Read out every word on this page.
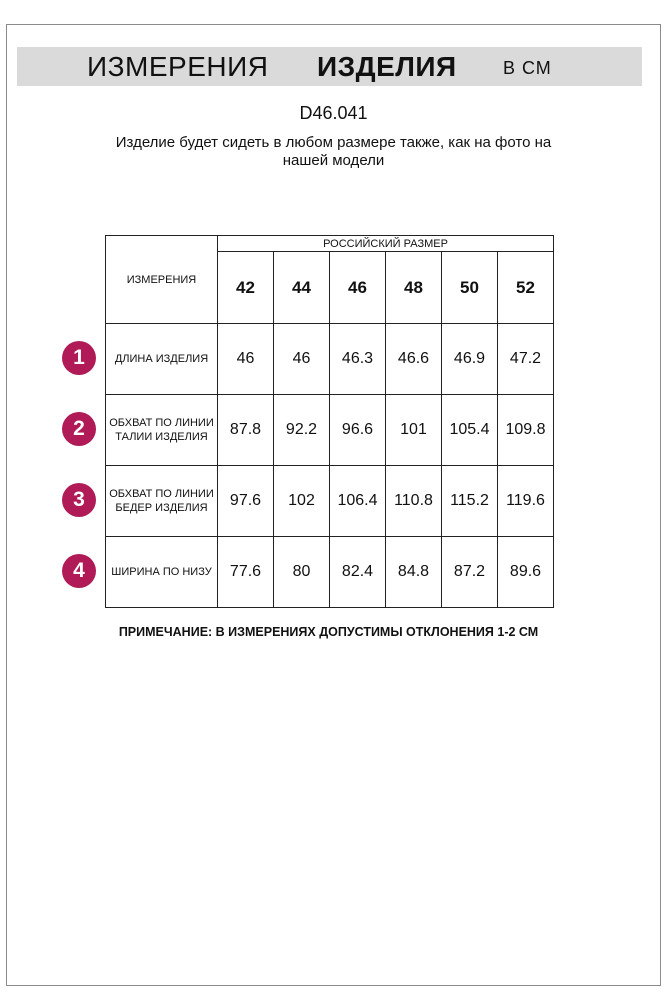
ИЗМЕРЕНИЯ ИЗДЕЛИЯ	В СМ
D46.041
Изделие будет сидеть в любом размере также, как на фото на нашей модели
ИЗМЕРЕНИЯ	РОССИЙСКИЙ РАЗМЕР					
	42	44	46	48	50	52
ДЛИНА ИЗДЕЛИЯ	46	46	46.3	46.6	46.9	47.2
ОБХВАТ ПО ЛИНИИ ТАЛИИ ИЗДЕЛИЯ	87.8	92.2	96.6	101	105.4	109.8
ОБХВАТ ПО ЛИНИИ БЕДЕР ИЗДЕЛИЯ	97.6	102	106.4	110.8	115.2	119.6
ШИРИНА ПО НИЗУ	77.6	80	82.4	84.8	87.2	89.6
1
2
3
4
ПРИМЕЧАНИЕ: В ИЗМЕРЕНИЯХ ДОПУСТИМЫ ОТКЛОНЕНИЯ 1-2 СМ
